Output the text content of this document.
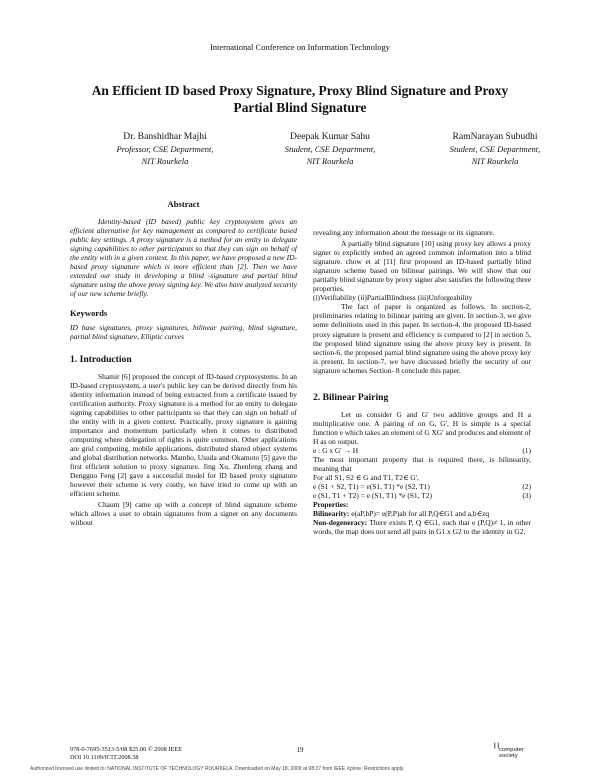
International Conference on Information Technology
An Efficient ID based Proxy Signature, Proxy Blind Signature and Proxy
Partial Blind Signature
Dr. Banshidhar Majhi
Professor, CSE Department,
NIT Rourkela
Deepak Kumar Sahu
Student, CSE Department,
NIT Rourkela
RamNarayan Subudhi
Student, CSE Department,
NIT Rourkela
Abstract

Identity-based (ID based) public key cryptosystem gives an efficient alternative for key management as compared to certificate based public key settings. A proxy signature is a method for an entity to delegate signing capabilities to other participants so that they can sign on behalf of the entity with in a given context. In this paper, we have proposed a new ID-based proxy signature which is more efficient than [2]. Then we have extended our study in developing a blind -signature and partial blind signature using the above proxy signing key. We also have analyzed security of our new scheme briefly.

Keywords

ID base signatures, proxy signatures, bilinear pairing, blind signature, partial blind signature, Elliptic curves

1. Introduction

Shamir [6] proposed the concept of ID-based cryptosystems. In an ID-based cryptosystem, a user's public key can be derived directly from his identity information instead of being extracted from a certificate issued by certification authority. Proxy signature is a method for an entity to delegate signing capabilities to other participants so that they can sign on behalf of the entity with in a given context. Practically, proxy signature is gaining importance and momentum particularly when it comes to distributed computing where delegation of rights is quite common. Other applications are grid computing, mobile applications, distributed shared object systems and global distribution networks. Mambo, Usuda and Okamoto [5] gave the first efficient solution to proxy signature. Jing Xu, Zhenfeng zhang and Dengguo Feng [2] gave a successful model for ID based proxy signature however their scheme is very costly, we have tried to come up with an efficient scheme.

Chaum [9] came up with a concept of blind signature scheme which allows a user to obtain signatures from a signer on any documents without

revealing any information about the message or its signature.

A partially blind signature [10] using proxy key allows a proxy signer to explicitly embed an agreed common information into a blind signature. chow et al [11] first proposed an ID-based partially blind signature scheme based on bilinear pairings. We will show that our partially blind signature by proxy signer also satisfies the following three properties.

(i)Verifiability (ii)PartialBlindness (iii)Unforgeability

The fact of paper is organized as follows. In section-2, preliminaries relating to bilinear pairing are given. In section-3, we give some definitions used in this paper. In section-4, the proposed ID-based proxy signature is present and efficiency is compared to [2] in section 5, the proposed blind signature using the above proxy key is present. In section-6, the proposed partial blind signature using the above proxy key is present. In section-7, we have discussed briefly the security of our signature schemes Section- 8 conclude this paper.

2. Bilinear Pairing

Let us consider G and G' two additive groups and H a multiplicative one. A pairing of on G, G', H is simple is a special function e which takes an element of G XG' and produces and element of H as on output.

e : G x G' → H	(1)

The most important property that is required there, is bilinearity, meaning that

For all S1, S2 ∈ G and T1, T2∈ G',

e (S1 + S2, T1) = e(S1, T1) *e (S2, T1)	(2)
e (S1, T1 + T2) = e (S1, T1) *e (S1, T2)	(3)

Properties:

Bilinearity: e(aP,bP)= e(P,P)ab for all P,Q∈G1 and a,b∈zq

Non-degeneracy: There exists P, Q ∈G1, such that e (P,Q)≠ 1, in other words, the map does not send all pairs in G1 x G2 to the identity in G2.

978-0-7695-3513-5/08 $25.00 © 2008 IEEE
DOI 10.1109/ICIT.2008.38
19	| |
computer
society
Authorized licensed use limited to: NATIONAL INSTITUTE OF TECHNOLOGY ROURKELA. Downloaded on May 18, 2009 at 08:27 from IEEE Xplore. Restrictions apply.
